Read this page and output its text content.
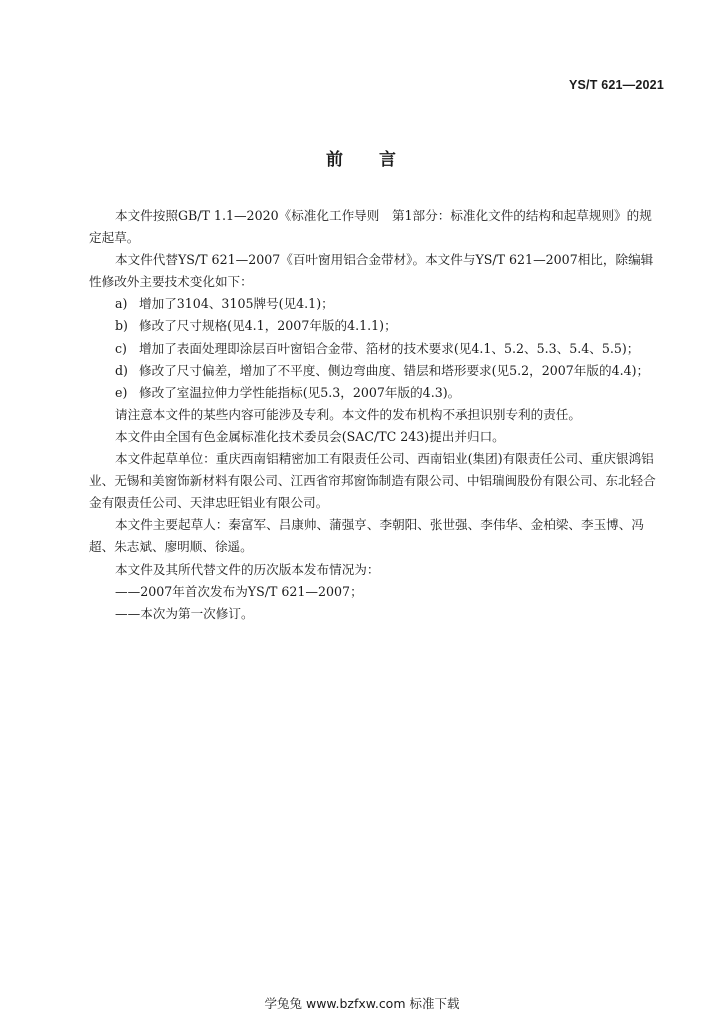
YS/T 621—2021
前 言

本文件按照GB/T 1.1—2020《标准化工作导则　第1部分：标准化文件的结构和起草规则》的规定起草。

本文件代替YS/T 621—2007《百叶窗用铝合金带材》。本文件与YS/T 621—2007相比，除编辑性修改外主要技术变化如下：

a) 增加了3104、3105牌号(见4.1)；

b) 修改了尺寸规格(见4.1，2007年版的4.1.1)；

c) 增加了表面处理即涂层百叶窗铝合金带、箔材的技术要求(见4.1、5.2、5.3、5.4、5.5)；

d) 修改了尺寸偏差，增加了不平度、侧边弯曲度、错层和塔形要求(见5.2，2007年版的4.4)；

e) 修改了室温拉伸力学性能指标(见5.3，2007年版的4.3)。

请注意本文件的某些内容可能涉及专利。本文件的发布机构不承担识别专利的责任。

本文件由全国有色金属标准化技术委员会(SAC/TC 243)提出并归口。

本文件起草单位：重庆西南铝精密加工有限责任公司、西南铝业(集团)有限责任公司、重庆银鸿铝业、无锡和美窗饰新材料有限公司、江西省帘邦窗饰制造有限公司、中铝瑞闽股份有限公司、东北轻合金有限责任公司、天津忠旺铝业有限公司。

本文件主要起草人：秦富军、吕康帅、蒲强亨、李朝阳、张世强、李伟华、金柏梁、李玉博、冯超、朱志斌、廖明顺、徐遥。

本文件及其所代替文件的历次版本发布情况为：

——2007年首次发布为YS/T 621—2007；

——本次为第一次修订。

学兔兔 www.bzfxw.com 标准下载
